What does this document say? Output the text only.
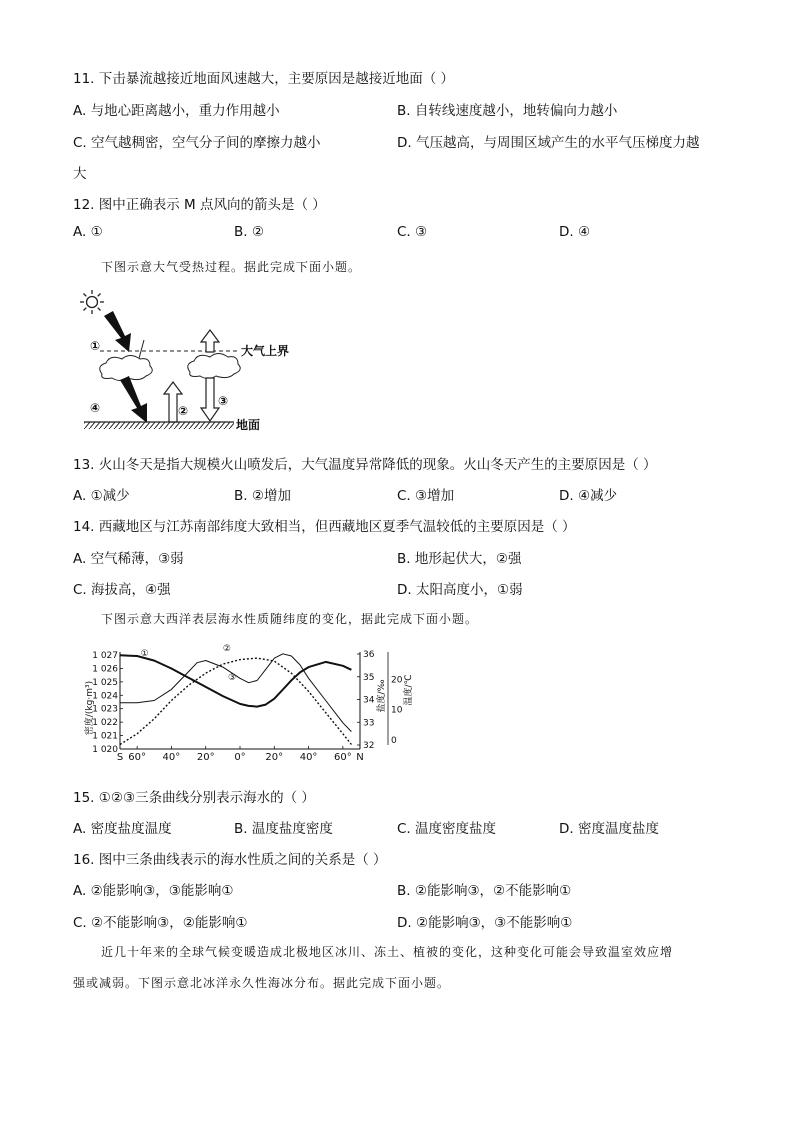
11. 下击暴流越接近地面风速越大，主要原因是越接近地面（ ）
A. 与地心距离越小，重力作用越小	B. 自转线速度越小，地转偏向力越小
C. 空气越稠密，空气分子间的摩擦力越小	D. 气压越高，与周围区域产生的水平气压梯度力越
大
12. 图中正确表示 M 点风向的箭头是（ ）
A. ①	B. ②	C. ③	D. ④
下图示意大气受热过程。据此完成下面小题。
大气上界
①
④	②
③
地面
13. 火山冬天是指大规模火山喷发后，大气温度异常降低的现象。火山冬天产生的主要原因是（ ）
A. ①减少	B. ②增加	C. ③增加	D. ④减少
14. 西藏地区与江苏南部纬度大致相当，但西藏地区夏季气温较低的主要原因是（ ）
A. 空气稀薄，③弱	B. 地形起伏大，②强
C. 海拔高，④强	D. 太阳高度小，①弱
下图示意大西洋表层海水性质随纬度的变化，据此完成下面小题。
密度/(kg·m³)	温度/℃
盐度/‰
1 027
1 026
1 025
1 024
1 023
1 022
1 021
1 020
36
35
34
33
32
20
10
0
S 60° 40° 20° 0° 20° 40° 60° N
①	②
③
15. ①②③三条曲线分别表示海水的（ ）
A. 密度盐度温度	B. 温度盐度密度	C. 温度密度盐度	D. 密度温度盐度
16. 图中三条曲线表示的海水性质之间的关系是（ ）
A. ②能影响③，③能影响①	B. ②能影响③，②不能影响①
C. ②不能影响③，②能影响①	D. ②能影响③，③不能影响①
近几十年来的全球气候变暖造成北极地区冰川、冻土、植被的变化，这种变化可能会导致温室效应增
强或减弱。下图示意北冰洋永久性海冰分布。据此完成下面小题。
